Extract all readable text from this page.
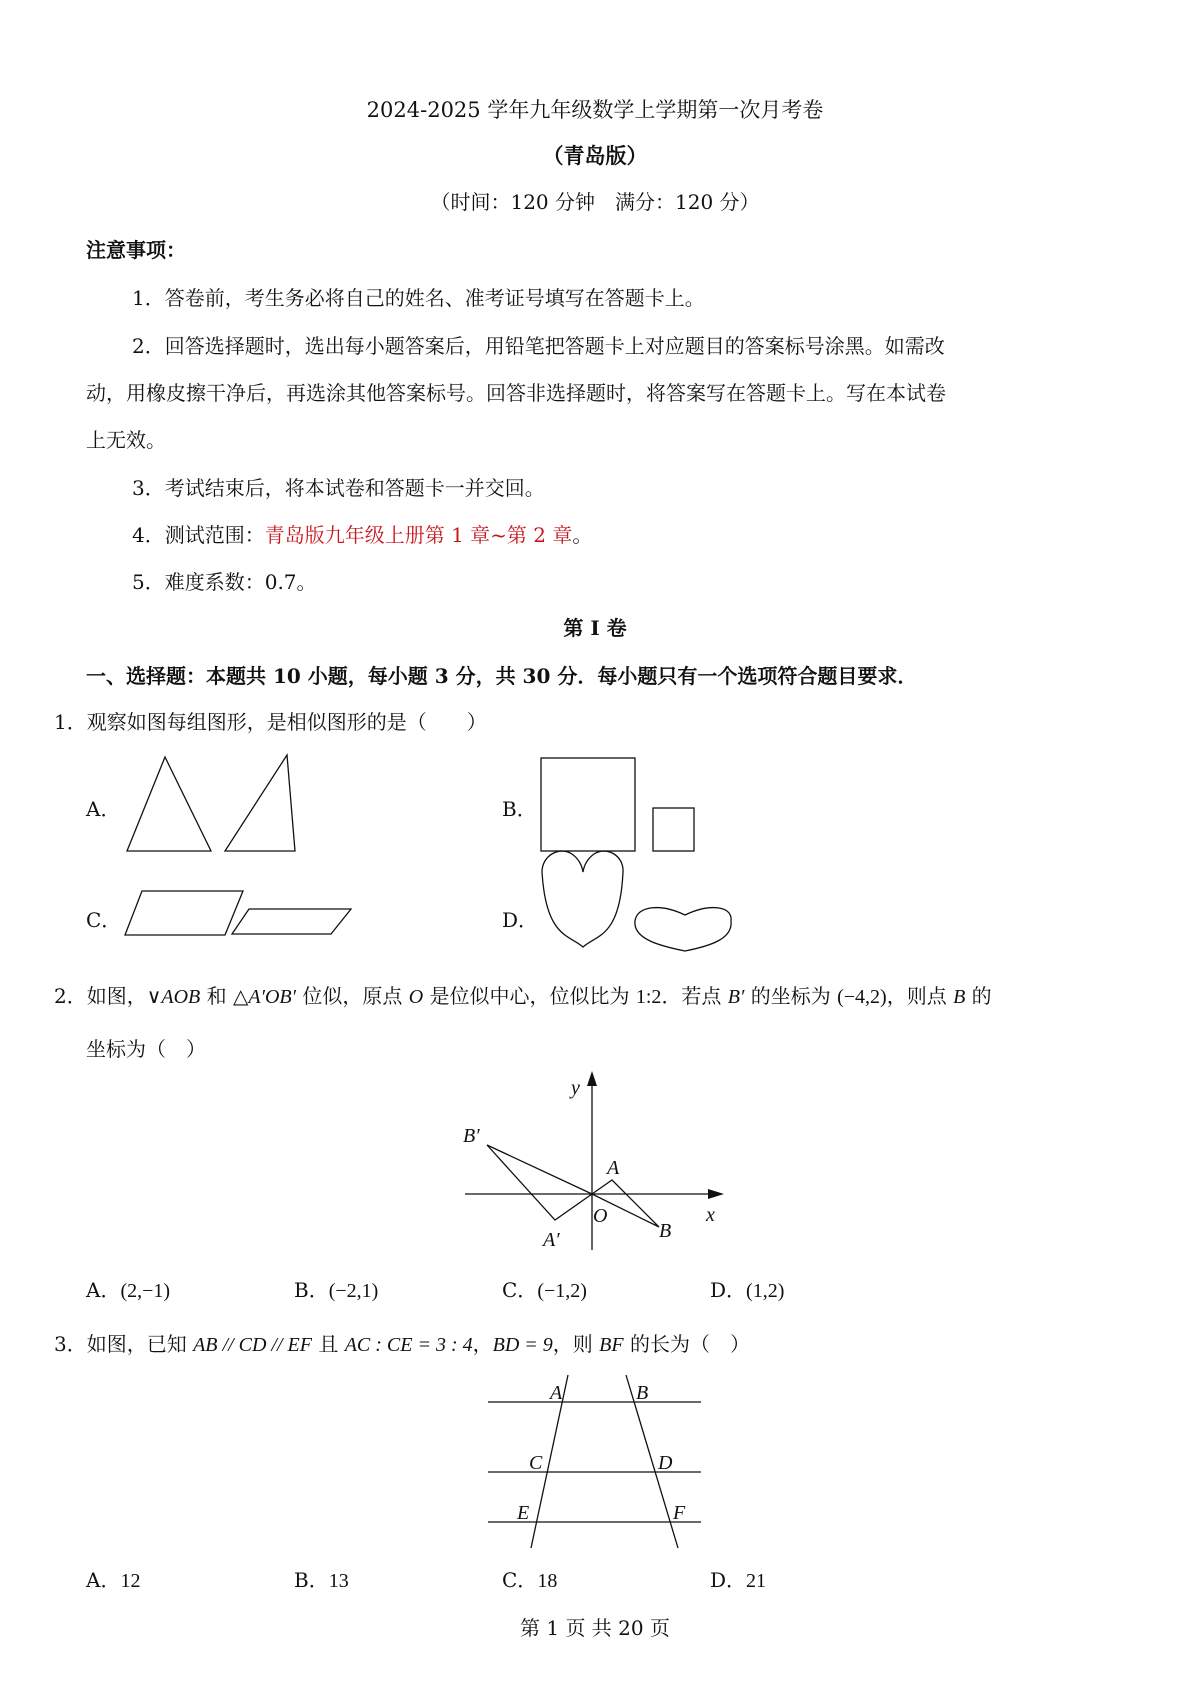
2024-2025 学年九年级数学上学期第一次月考卷
（青岛版）
（时间：120 分钟　满分：120 分）
注意事项：
1．答卷前，考生务必将自己的姓名、准考证号填写在答题卡上。
2．回答选择题时，选出每小题答案后，用铅笔把答题卡上对应题目的答案标号涂黑。如需改
动，用橡皮擦干净后，再选涂其他答案标号。回答非选择题时，将答案写在答题卡上。写在本试卷
上无效。
3．考试结束后，将本试卷和答题卡一并交回。
4．测试范围：青岛版九年级上册第 1 章~第 2 章。
5．难度系数：0.7。
第 I 卷
一、选择题：本题共 10 小题，每小题 3 分，共 30 分．每小题只有一个选项符合题目要求．
1．观察如图每组图形，是相似图形的是（　　）
A．	B．
C．	D．
2．如图，∨AOB 和 △A′OB′ 位似，原点 O 是位似中心，位似比为 1:2．若点 B′ 的坐标为 (−4,2)，则点 B 的
坐标为（　）
y
x
B′
A
O
A′	B
A．(2,−1)	B．(−2,1)	C．(−1,2)	D．(1,2)
3．如图，已知 AB // CD // EF 且 AC : CE = 3 : 4，BD = 9，则 BF 的长为（　）
A	B
C	D
E	F
A．12	B．13	C．18	D．21
第 1 页 共 20 页
